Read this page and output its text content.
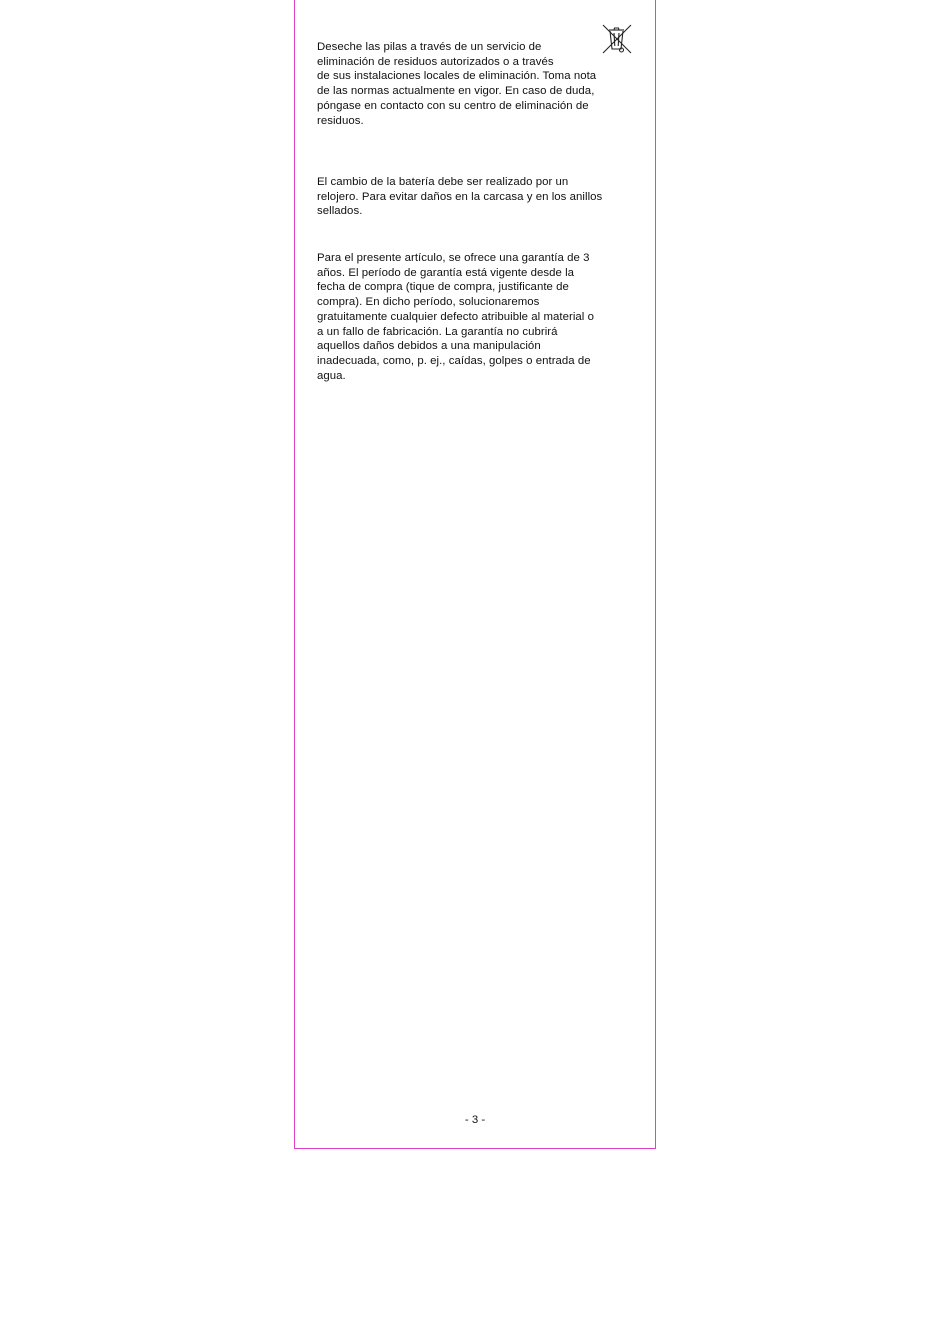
Deseche las pilas a través de un servicio de
eliminación de residuos autorizados o a través
de sus instalaciones locales de eliminación. Toma nota
de las normas actualmente en vigor. En caso de duda,
póngase en contacto con su centro de eliminación de
residuos.

El cambio de la batería debe ser realizado por un
relojero. Para evitar daños en la carcasa y en los anillos
sellados.

Para el presente artículo, se ofrece una garantía de 3
años. El período de garantía está vigente desde la
fecha de compra (tique de compra, justificante de
compra). En dicho período, solucionaremos
gratuitamente cualquier defecto atribuible al material o
a un fallo de fabricación. La garantía no cubrirá
aquellos daños debidos a una manipulación
inadecuada, como, p. ej., caídas, golpes o entrada de
agua.

- 3 -
